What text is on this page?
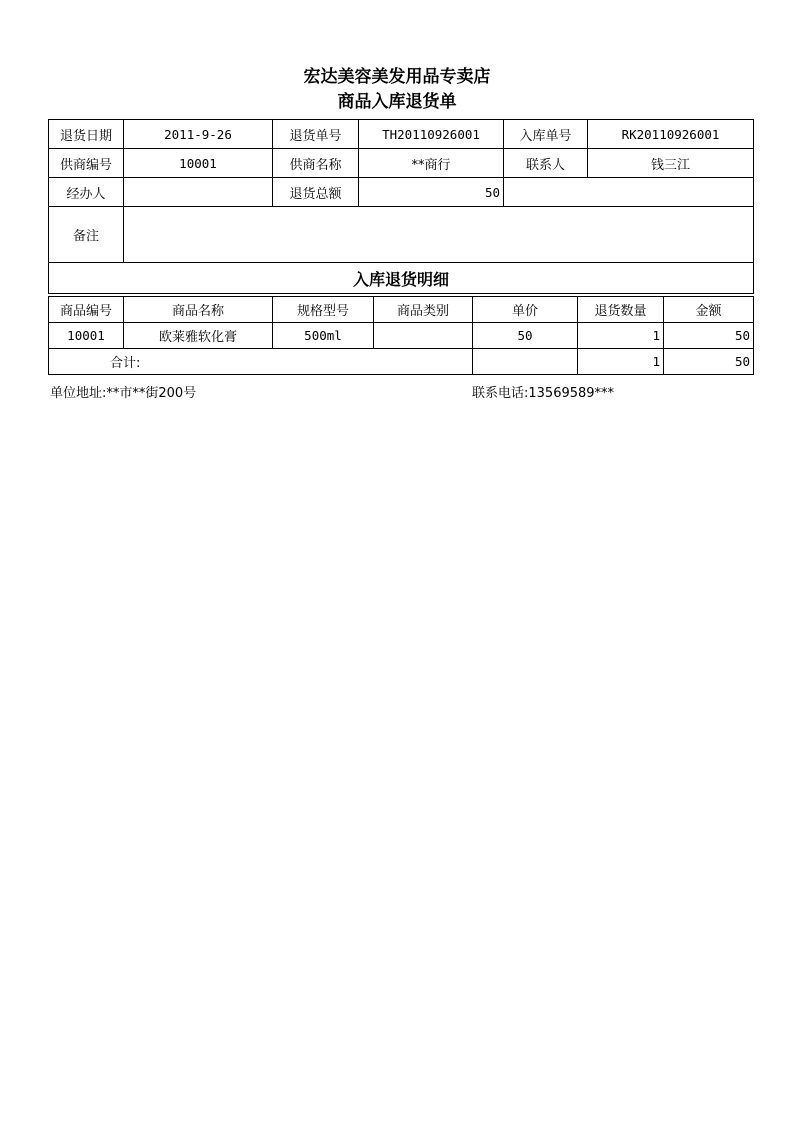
宏达美容美发用品专卖店
商品入库退货单
退货日期	2011-9-26	退货单号	TH20110926001	入库单号	RK20110926001
供商编号	10001	供商名称	**商行	联系人	钱三江
经办人		退货总额	50		
备注					
入库退货明细					
商品编号	商品名称	规格型号	商品类别	单价	退货数量	金额
10001	欧莱雅软化膏	500ml		50	1	50
合计:					1	50
单位地址:**市**街200号	联系电话:13569589***
